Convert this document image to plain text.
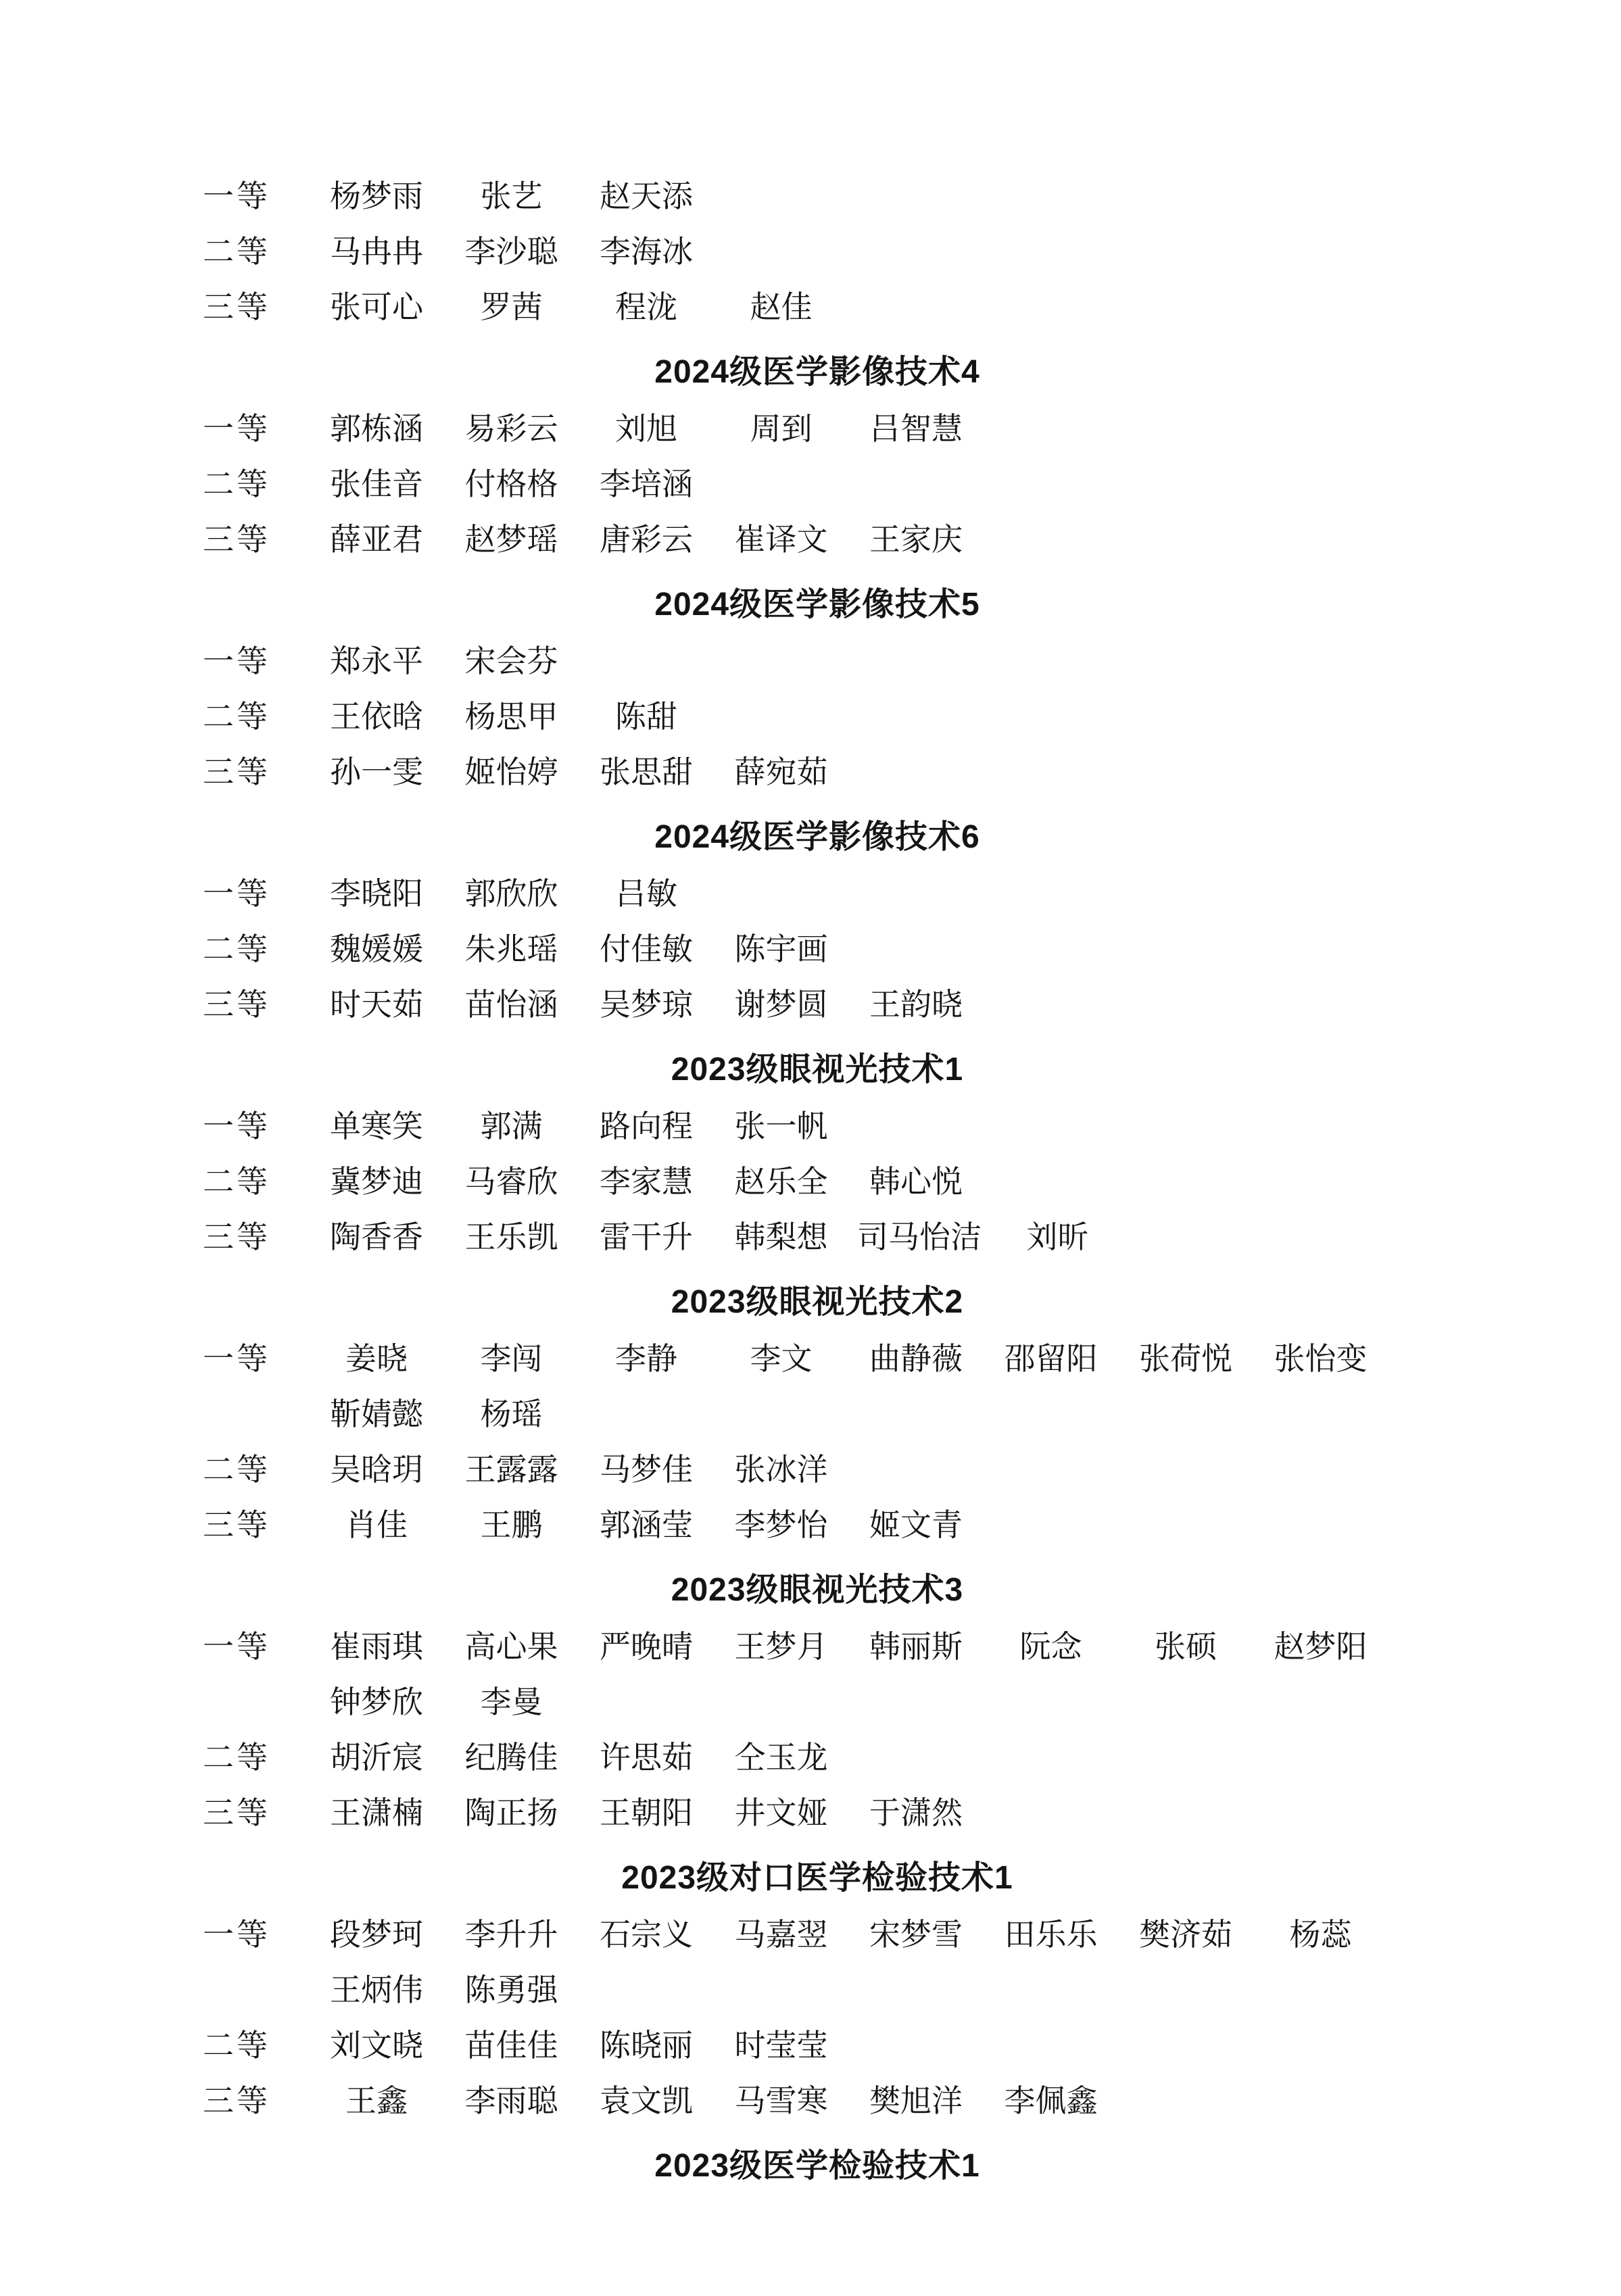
一等	杨梦雨 张艺 赵天添
二等	马冉冉 李沙聪 李海冰
三等	张可心 罗茜 程泷 赵佳
2024级医学影像技术4
一等	郭栋涵 易彩云 刘旭 周到 吕智慧
二等	张佳音 付格格 李培涵
三等	薛亚君 赵梦瑶 唐彩云 崔译文 王家庆
2024级医学影像技术5
一等	郑永平 宋会芬
二等	王依晗 杨思甲 陈甜
三等	孙一雯 姬怡婷 张思甜 薛宛茹
2024级医学影像技术6
一等	李晓阳 郭欣欣 吕敏
二等	魏媛媛 朱兆瑶 付佳敏 陈宇画
三等	时天茹 苗怡涵 吴梦琼 谢梦圆 王韵晓
2023级眼视光技术1
一等	单寒笑 郭满 路向程 张一帆
二等	冀梦迪 马睿欣 李家慧 赵乐全 韩心悦
三等	陶香香 王乐凯 雷干升 韩梨想 司马怡洁 刘昕
2023级眼视光技术2
一等	姜晓 李闯 李静 李文 曲静薇 邵留阳 张荷悦 张怡变 靳婧懿 杨瑶
二等	吴晗玥 王露露 马梦佳 张冰洋
三等	肖佳 王鹏 郭涵莹 李梦怡 姬文青
2023级眼视光技术3
一等	崔雨琪 高心果 严晚晴 王梦月 韩丽斯 阮念 张硕 赵梦阳 钟梦欣 李曼
二等	胡沂宸 纪腾佳 许思茹 仝玉龙
三等	王潇楠 陶正扬 王朝阳 井文娅 于潇然
2023级对口医学检验技术1
一等	段梦珂 李升升 石宗义 马嘉翌 宋梦雪 田乐乐 樊济茹 杨蕊 王炳伟 陈勇强
二等	刘文晓 苗佳佳 陈晓丽 时莹莹
三等	王鑫 李雨聪 袁文凯 马雪寒 樊旭洋 李佩鑫
2023级医学检验技术1
